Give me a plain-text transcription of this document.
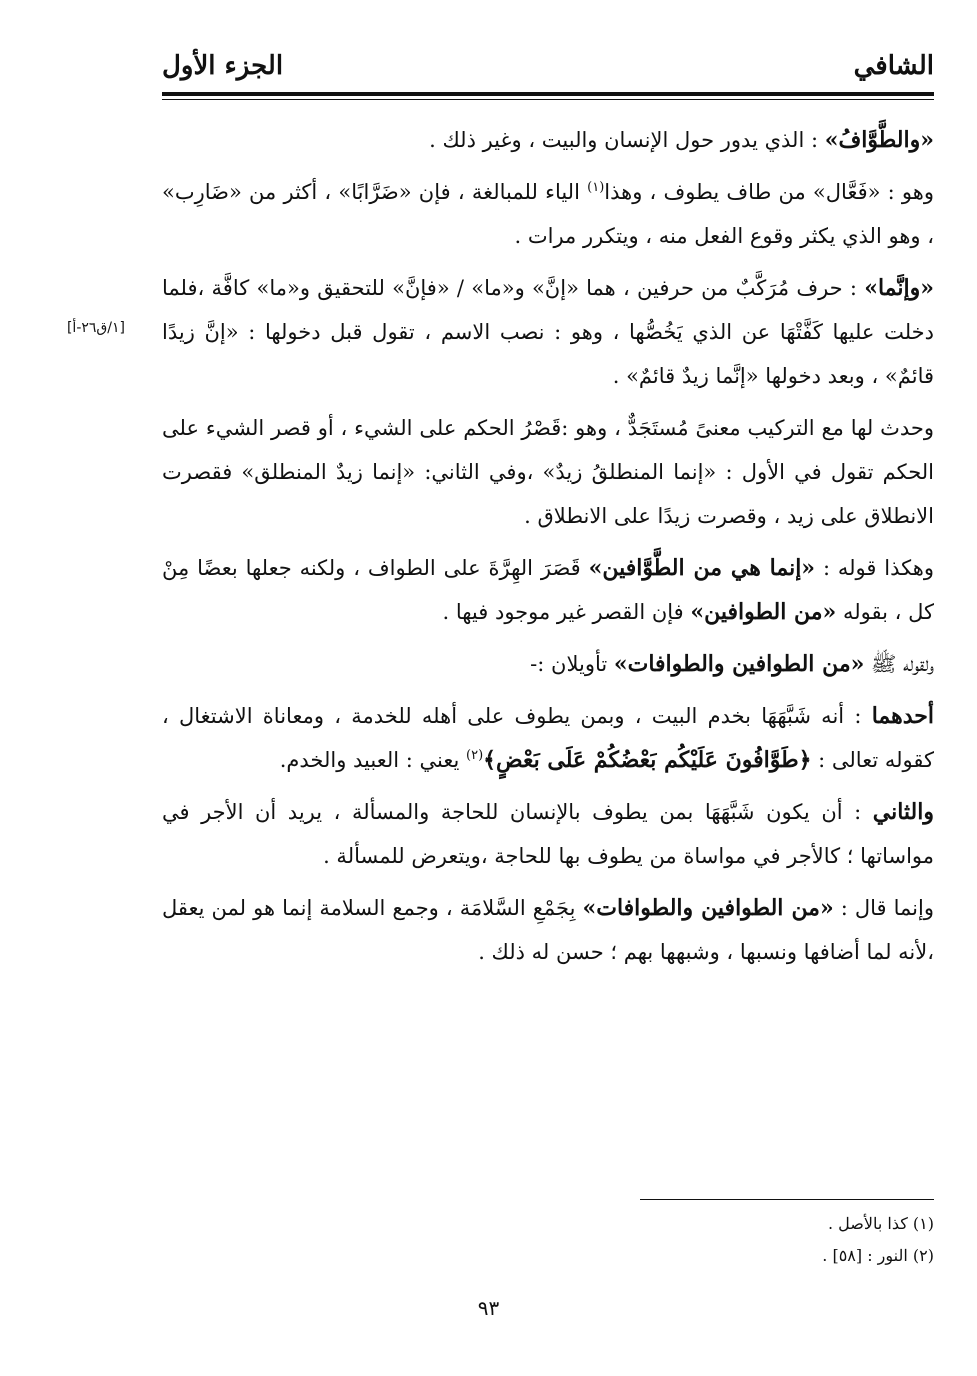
الشافي
الجزء الأول
[١/ق٢٦-أ]

«والطَّوَّافُ» : الذي يدور حول الإنسان والبيت ، وغير ذلك .

وهو : «فَعَّال» من طاف يطوف ، وهذا$^{(١)}$ الياء للمبالغة ، فإن «ضَرَّابًا» ، أكثر من «ضَارِب» ، وهو الذي يكثر وقوع الفعل منه ، ويتكرر مرات .

«وإنَّما» : حرف مُرَكَّبٌ من حرفين ، هما «إنَّ» و«ما» / «فإنَّ» للتحقيق و«ما» كافَّة ،فلما دخلت عليها كَفَّتْهَا عن الذي يَخُصُّها ، وهو : نصب الاسم ، تقول قبل دخولها : «إنَّ زيدًا قائمٌ» ، وبعد دخولها «إنَّما زيدٌ قائمٌ» .

وحدث لها مع التركيب معنىً مُستَجَدٌّ ، وهو :قَصْرُ الحكم على الشيء ، أو قصر الشيء على الحكم تقول في الأول : «إنما المنطلقُ زيدٌ» ،وفي الثاني: «إنما زيدٌ المنطلق» فقصرت الانطلاق على زيد ، وقصرت زيدًا على الانطلاق .

وهكذا قوله : «إنما هي من الطَّوَّافين» قَصَرَ الهِرَّةَ على الطواف ، ولكنه جعلها بعضًا مِنْ كل ، بقوله «من الطوافين» فإن القصر غير موجود فيها .

ولقوله ﷺ «من الطوافين والطوافات» تأويلان :-

أحدهما : أنه شَبَّهَهَا بخدم البيت ، وبمن يطوف على أهله للخدمة ، ومعاناة الاشتغال ، كقوله تعالى : ﴿طَوَّافُونَ عَلَيْكُم بَعْضُكُمْ عَلَى بَعْضٍ﴾$^{(٢)}$ يعني : العبيد والخدم.

والثاني : أن يكون شَبَّهَهَا بمن يطوف بالإنسان للحاجة والمسألة ، يريد أن الأجر في مواساتها ؛ كالأجر في مواساة من يطوف بها للحاجة ،ويتعرض للمسألة .

وإنما قال : «من الطوافين والطوافات» بِجَمْعِ السَّلامَة ، وجمع السلامة إنما هو لمن يعقل ،لأنه لما أضافها ونسبها ، وشبهها بهم ؛ حسن له ذلك .

(١) كذا بالأصل .
(٢) النور : [٥٨] .
٩٣
